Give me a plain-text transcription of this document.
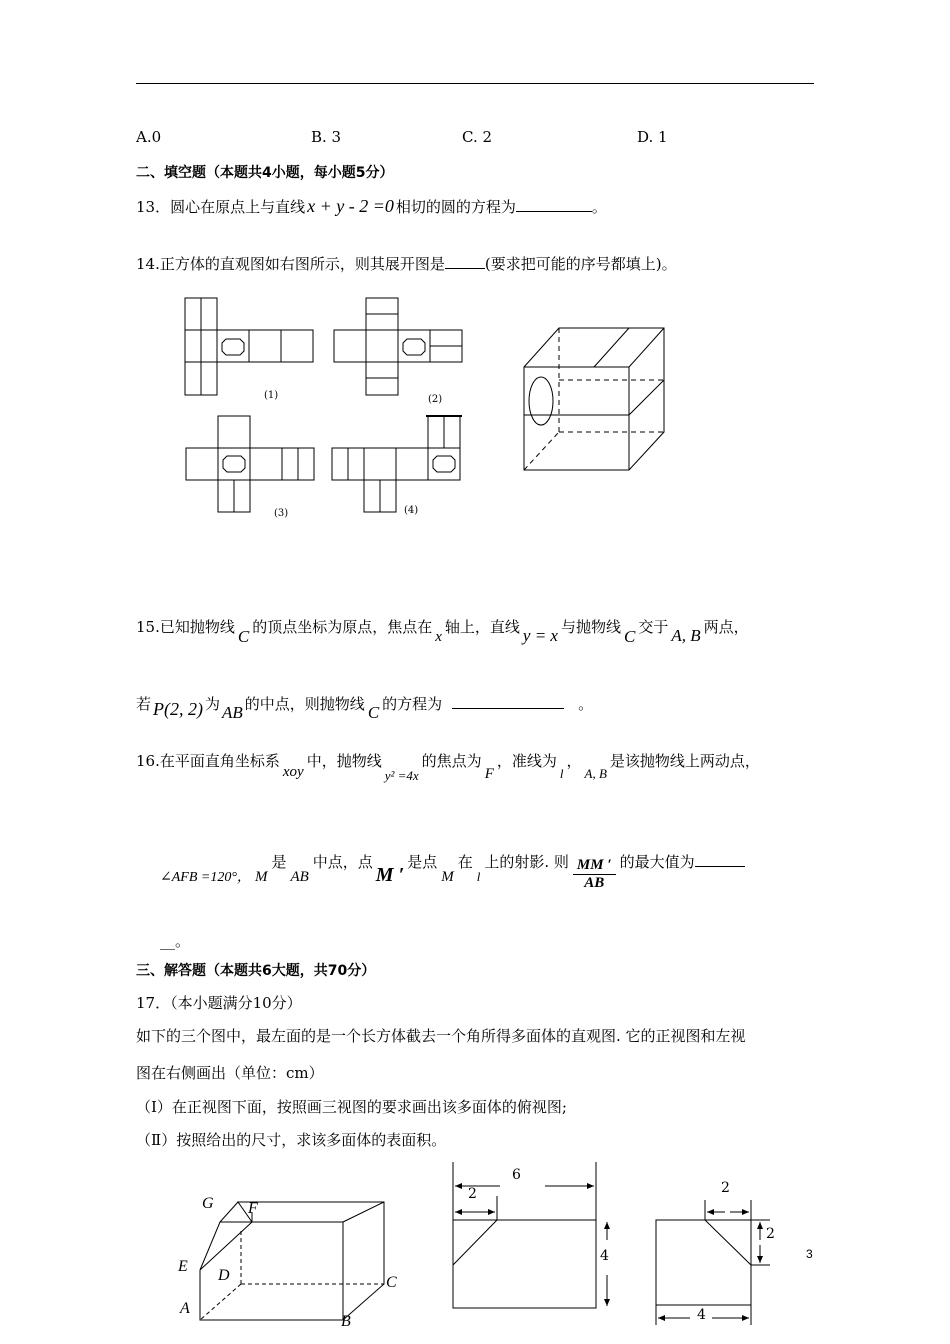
A.0	B. 3	C. 2	D. 1
二、填空题（本题共4小题，每小题5分）
13．圆心在原点上与直线 x + y - 2 =0 相切的圆的方程为	。
14.正方体的直观图如右图所示，则其展开图是	(要求把可能的序号都填上)。
(1)	(2)
(3)	(4)
15.已知抛物线 C 的顶点坐标为原点，焦点在x轴上，直线 y = x 与抛物线 C 交于 A, B 两点，
若 P(2, 2) 为 AB 的中点，则抛物线 C 的方程为	。
16.在平面直角坐标系xoy中，抛物线y² =4x的焦点为F，准线为l，A, B是该抛物线上两动点，
∠AFB =120°， M是AB中点，点M ′是点M在l上的射影. 则 $\frac{MM '}{AB}$ 的最大值为
__。
三、解答题（本题共6大题，共70分）
17．（本小题满分10分）
如下的三个图中，最左面的是一个长方体截去一个角所得多面体的直观图. 它的正视图和左视
图在右侧画出（单位：cm）
（Ⅰ）在正视图下面，按照画三视图的要求画出该多面体的俯视图;
（Ⅱ）按照给出的尺寸，求该多面体的表面积。
G F
E
D	C
A
B
6
2
4
2
2
4
3
